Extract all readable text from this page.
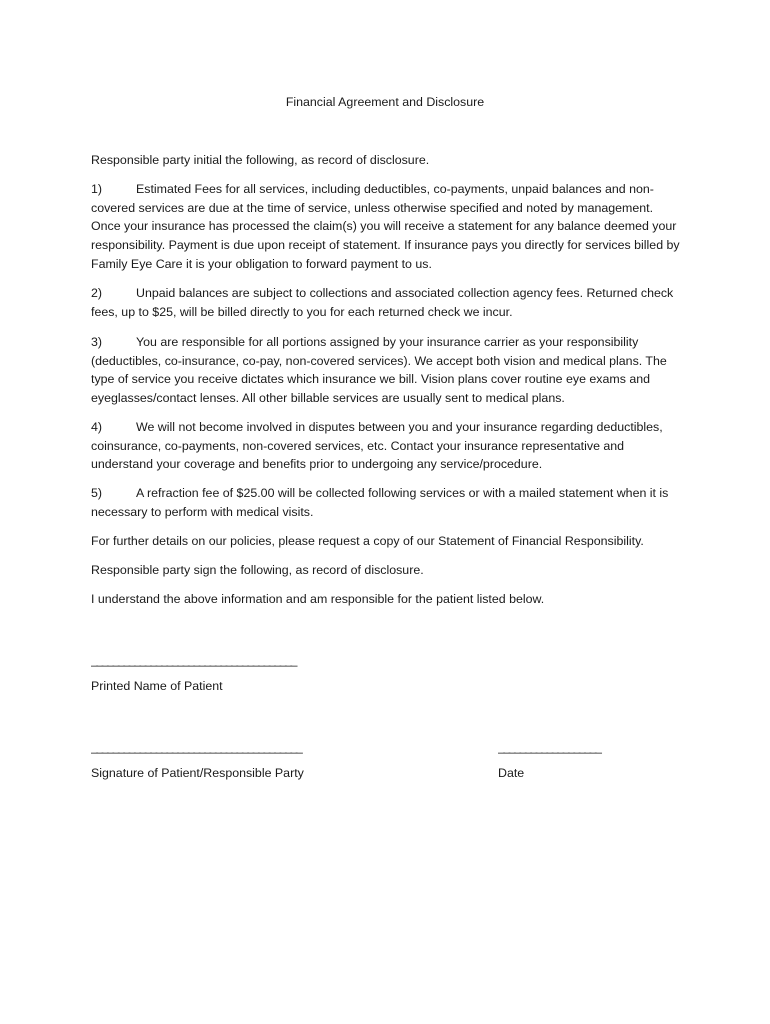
Financial Agreement and Disclosure

Responsible party initial the following, as record of disclosure.

1)	Estimated Fees for all services, including deductibles, co-payments, unpaid balances and non-covered services are due at the time of service, unless otherwise specified and noted by management. Once your insurance has processed the claim(s) you will receive a statement for any balance deemed your responsibility. Payment is due upon receipt of statement. If insurance pays you directly for services billed by Family Eye Care it is your obligation to forward payment to us.

2)	Unpaid balances are subject to collections and associated collection agency fees. Returned check fees, up to $25, will be billed directly to you for each returned check we incur.

3)	You are responsible for all portions assigned by your insurance carrier as your responsibility (deductibles, co-insurance, co-pay, non-covered services). We accept both vision and medical plans. The type of service you receive dictates which insurance we bill. Vision plans cover routine eye exams and eyeglasses/contact lenses. All other billable services are usually sent to medical plans.

4)	We will not become involved in disputes between you and your insurance regarding deductibles, coinsurance, co-payments, non-covered services, etc. Contact your insurance representative and understand your coverage and benefits prior to undergoing any service/procedure.

5)	A refraction fee of $25.00 will be collected following services or with a mailed statement when it is necessary to perform with medical visits.

For further details on our policies, please request a copy of our Statement of Financial Responsibility.

Responsible party sign the following, as record of disclosure.

I understand the above information and am responsible for the patient listed below.

______________________________________
Printed Name of Patient
_______________________________________
Signature of Patient/Responsible Party
___________________
Date
